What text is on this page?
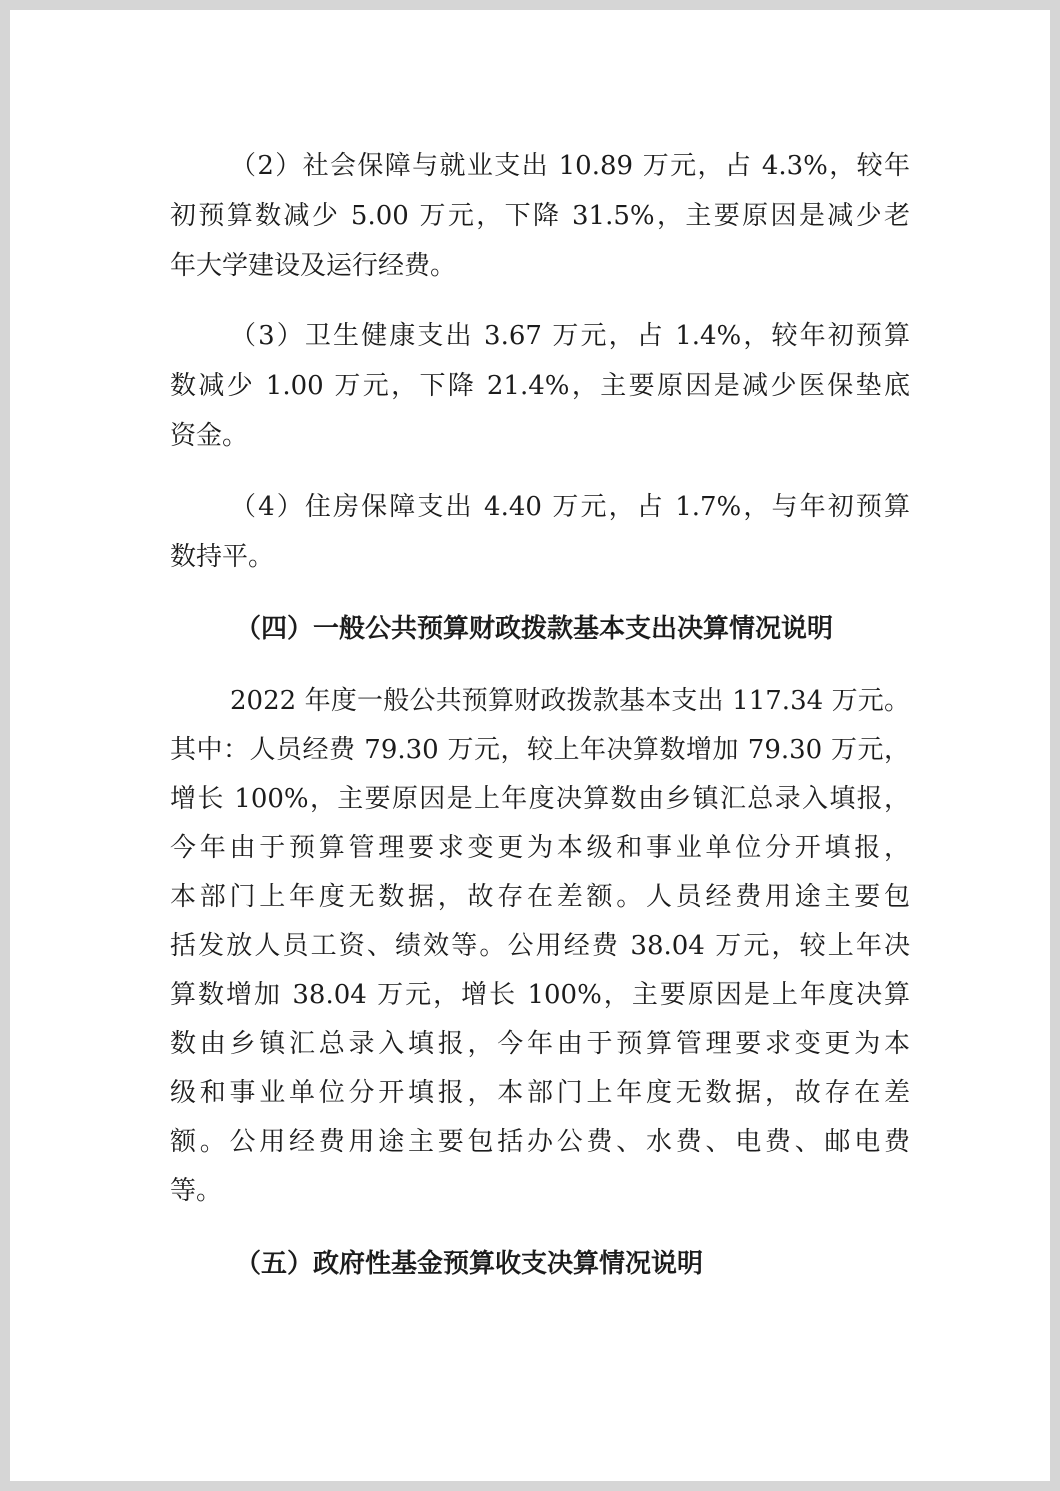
（2）社会保障与就业支出 10.89 万元，占 4.3%，较年

初预算数减少 5.00 万元，下降 31.5%，主要原因是减少老

年大学建设及运行经费。

（3）卫生健康支出 3.67 万元，占 1.4%，较年初预算

数减少 1.00 万元，下降 21.4%，主要原因是减少医保垫底

资金。

（4）住房保障支出 4.40 万元，占 1.7%，与年初预算

数持平。

（四）一般公共预算财政拨款基本支出决算情况说明

2022 年度一般公共预算财政拨款基本支出 117.34 万元。

其中：人员经费 79.30 万元，较上年决算数增加 79.30 万元，

增长 100%，主要原因是上年度决算数由乡镇汇总录入填报，

今年由于预算管理要求变更为本级和事业单位分开填报，

本部门上年度无数据，故存在差额。人员经费用途主要包

括发放人员工资、绩效等。公用经费 38.04 万元，较上年决

算数增加 38.04 万元，增长 100%，主要原因是上年度决算

数由乡镇汇总录入填报，今年由于预算管理要求变更为本

级和事业单位分开填报，本部门上年度无数据，故存在差

额。公用经费用途主要包括办公费、水费、电费、邮电费

等。

（五）政府性基金预算收支决算情况说明
